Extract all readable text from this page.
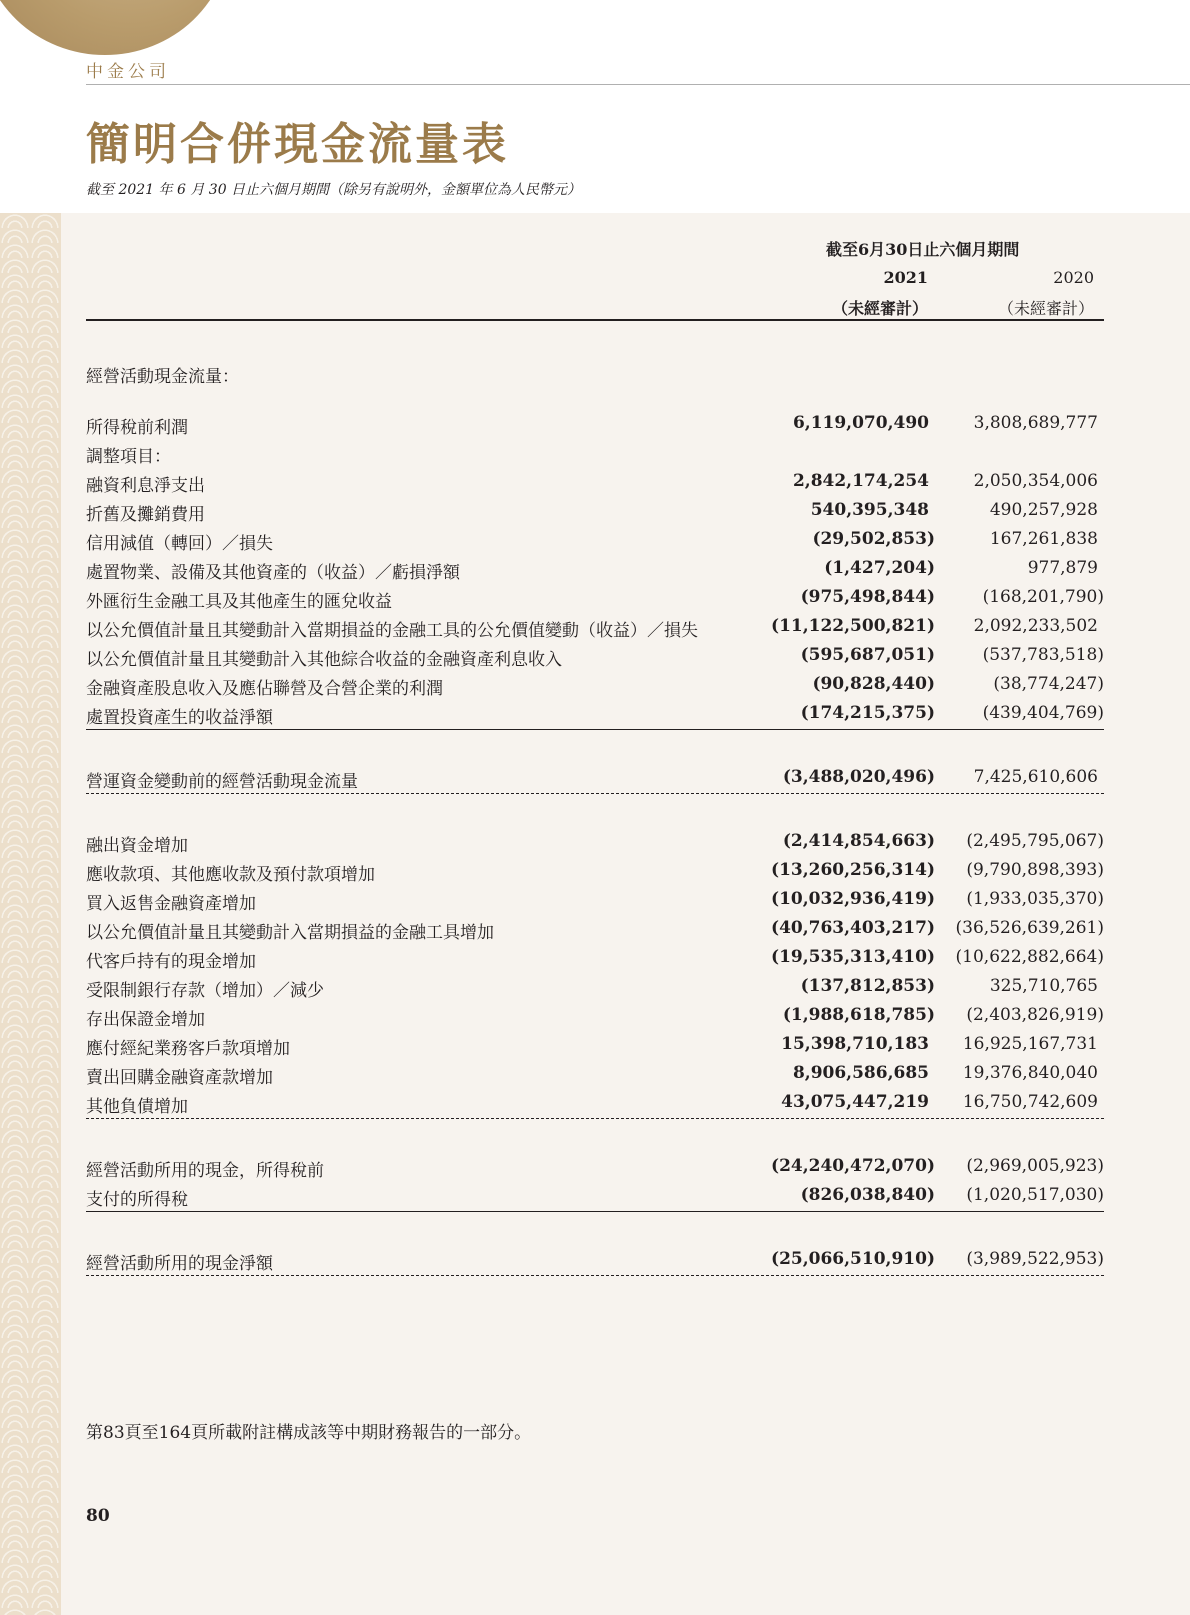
中金公司
簡明合併現金流量表
截至 2021 年 6 月 30 日止六個月期間（除另有說明外，金額單位為人民幣元）
截至6月30日止六個月期間
2021	2020
（未經審計）	（未經審計）
經營活動現金流量：
所得稅前利潤	6,119,070,490	3,808,689,777
調整項目：
融資利息淨支出	2,842,174,254	2,050,354,006
折舊及攤銷費用	540,395,348	490,257,928
信用減值（轉回）／損失	(29,502,853)	167,261,838
處置物業、設備及其他資產的（收益）／虧損淨額	(1,427,204)	977,879
外匯衍生金融工具及其他產生的匯兌收益	(975,498,844)	(168,201,790)
以公允價值計量且其變動計入當期損益的金融工具的公允價值變動（收益）／損失	(11,122,500,821) 2,092,233,502
以公允價值計量且其變動計入其他綜合收益的金融資產利息收入	(595,687,051)	(537,783,518)
金融資產股息收入及應佔聯營及合營企業的利潤	(90,828,440)	(38,774,247)
處置投資產生的收益淨額	(174,215,375)	(439,404,769)
營運資金變動前的經營活動現金流量	(3,488,020,496) 7,425,610,606
融出資金增加	(2,414,854,663) (2,495,795,067)
應收款項、其他應收款及預付款項增加	(13,260,256,314) (9,790,898,393)
買入返售金融資產增加	(10,032,936,419) (1,933,035,370)
以公允價值計量且其變動計入當期損益的金融工具增加	(40,763,403,217) (36,526,639,261)
代客戶持有的現金增加	(19,535,313,410) (10,622,882,664)
受限制銀行存款（增加）／減少	(137,812,853)	325,710,765
存出保證金增加	(1,988,618,785) (2,403,826,919)
應付經紀業務客戶款項增加	15,398,710,183 16,925,167,731
賣出回購金融資產款增加	8,906,586,685 19,376,840,040
其他負債增加	43,075,447,219 16,750,742,609
經營活動所用的現金，所得稅前	(24,240,472,070) (2,969,005,923)
支付的所得稅	(826,038,840) (1,020,517,030)
經營活動所用的現金淨額	(25,066,510,910) (3,989,522,953)
第83頁至164頁所載附註構成該等中期財務報告的一部分。
80
